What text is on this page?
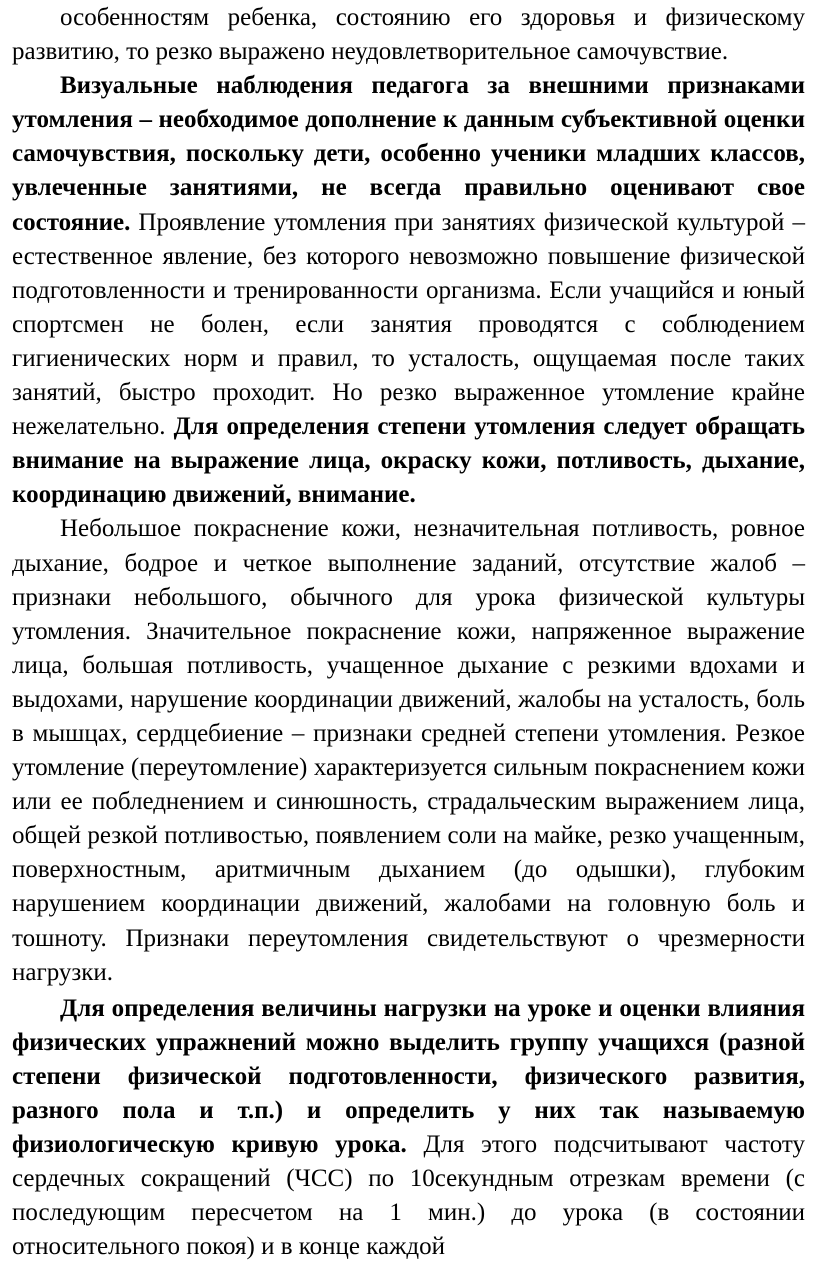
особенностям ребенка, состоянию его здоровья и физическому развитию, то резко выражено неудовлетворительное самочувствие.

Визуальные наблюдения педагога за внешними признаками утомления – необходимое дополнение к данным субъективной оценки самочувствия, поскольку дети, особенно ученики младших классов, увлеченные занятиями, не всегда правильно оценивают свое состояние. Проявление утомления при занятиях физической культурой – естественное явление, без которого невозможно повышение физической подготовленности и тренированности организма. Если учащийся и юный спортсмен не болен, если занятия проводятся с соблюдением гигиенических норм и правил, то усталость, ощущаемая после таких занятий, быстро проходит. Но резко выраженное утомление крайне нежелательно. Для определения степени утомления следует обращать внимание на выражение лица, окраску кожи, потливость, дыхание, координацию движений, внимание.

Небольшое покраснение кожи, незначительная потливость, ровное дыхание, бодрое и четкое выполнение заданий, отсутствие жалоб – признаки небольшого, обычного для урока физической культуры утомления. Значительное покраснение кожи, напряженное выражение лица, большая потливость, учащенное дыхание с резкими вдохами и выдохами, нарушение координации движений, жалобы на усталость, боль в мышцах, сердцебиение – признаки средней степени утомления. Резкое утомление (переутомление) характеризуется сильным покраснением кожи или ее побледнением и синюшность, страдальческим выражением лица, общей резкой потливостью, появлением соли на майке, резко учащенным, поверхностным, аритмичным дыханием (до одышки), глубоким нарушением координации движений, жалобами на головную боль и тошноту. Признаки переутомления свидетельствуют о чрезмерности нагрузки.

Для определения величины нагрузки на уроке и оценки влияния физических упражнений можно выделить группу учащихся (разной степени физической подготовленности, физического развития, разного пола и т.п.) и определить у них так называемую физиологическую кривую урока. Для этого подсчитывают частоту сердечных сокращений (ЧСС) по 10секундным отрезкам времени (с последующим пересчетом на 1 мин.) до урока (в состоянии относительного покоя) и в конце каждой
